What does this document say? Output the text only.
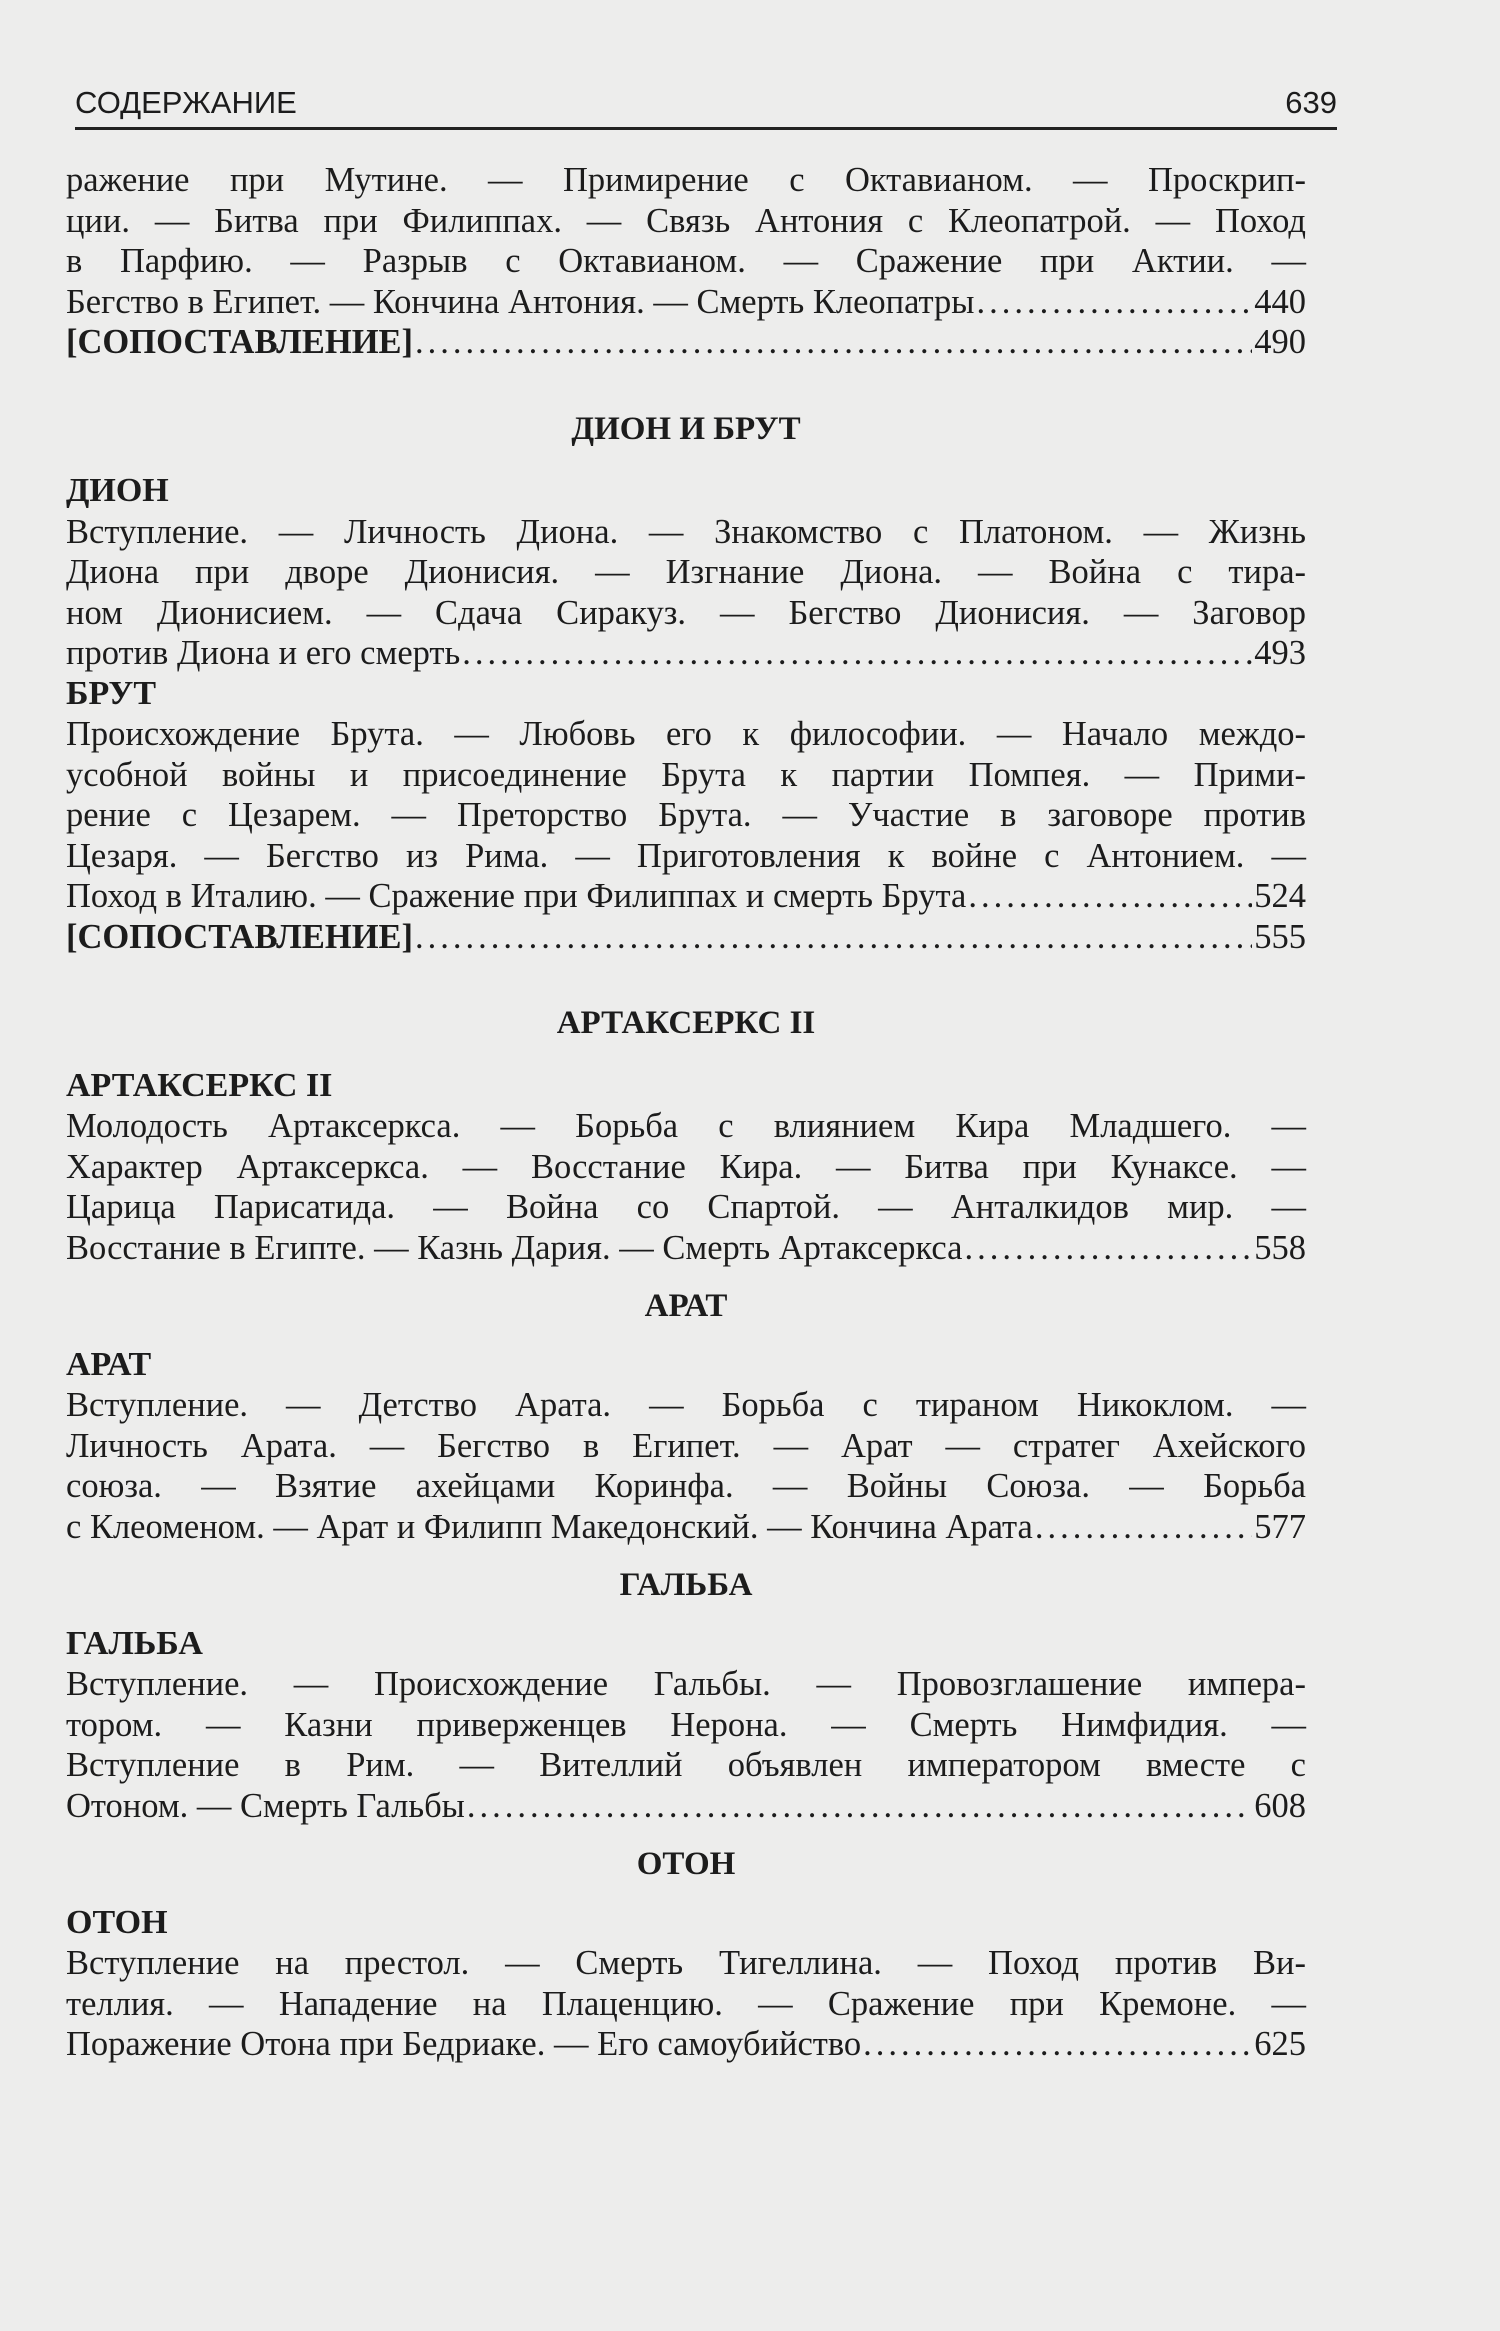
СОДЕРЖАНИЕ	639
ражение при Мутине. — Примирение с Октавианом. — Проскрип-
ции. — Битва при Филиппах. — Связь Антония с Клеопатрой. — Поход
в Парфию. — Разрыв с Октавианом. — Сражение при Актии. —
Бегство в Египет. — Кончина Антония. — Смерть Клеопатры .....	440
[СОПОСТАВЛЕНИЕ] .....	490
ДИОН И БРУТ
ДИОН
Вступление. — Личность Диона. — Знакомство с Платоном. — Жизнь
Диона при дворе Дионисия. — Изгнание Диона. — Война с тира-
ном Дионисием. — Сдача Сиракуз. — Бегство Дионисия. — Заговор
против Диона и его смерть .....	493
БРУТ
Происхождение Брута. — Любовь его к философии. — Начало междо-
усобной войны и присоединение Брута к партии Помпея. — Прими-
рение с Цезарем. — Преторство Брута. — Участие в заговоре против
Цезаря. — Бегство из Рима. — Приготовления к войне с Антонием. —
Поход в Италию. — Сражение при Филиппах и смерть Брута .....	524
[СОПОСТАВЛЕНИЕ] .....	555
АРТАКСЕРКС II
АРТАКСЕРКС II
Молодость Артаксеркса. — Борьба с влиянием Кира Младшего. —
Характер Артаксеркса. — Восстание Кира. — Битва при Кунаксе. —
Царица Парисатида. — Война со Спартой. — Анталкидов мир. —
Восстание в Египте. — Казнь Дария. — Смерть Артаксеркса .....	558
АРАТ
АРАТ
Вступление. — Детство Арата. — Борьба с тираном Никоклом. —
Личность Арата. — Бегство в Египет. — Арат — стратег Ахейского
союза. — Взятие ахейцами Коринфа. — Войны Союза. — Борьба
с Клеоменом. — Арат и Филипп Македонский. — Кончина Арата .....	577
ГАЛЬБА
ГАЛЬБА
Вступление. — Происхождение Гальбы. — Провозглашение импера-
тором. — Казни приверженцев Нерона. — Смерть Нимфидия. —
Вступление в Рим. — Вителлий объявлен императором вместе с
Отоном. — Смерть Гальбы .....	608
ОТОН
ОТОН
Вступление на престол. — Смерть Тигеллина. — Поход против Ви-
теллия. — Нападение на Плаценцию. — Сражение при Кремоне. —
Поражение Отона при Бедриаке. — Его самоубийство .....	625
